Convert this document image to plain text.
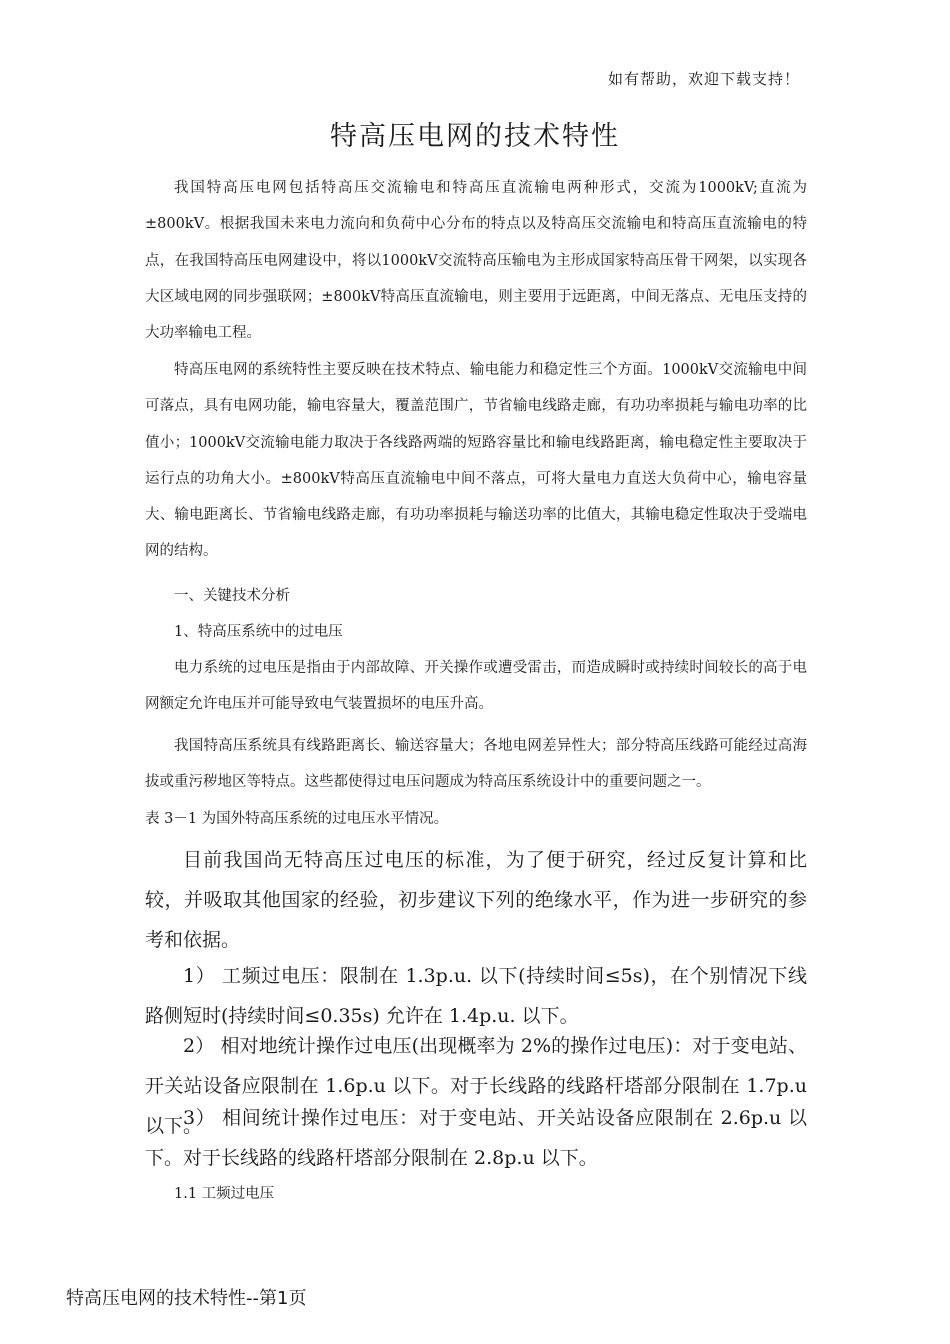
如有帮助，欢迎下载支持！
特高压电网的技术特性

我国特高压电网包括特高压交流输电和特高压直流输电两种形式，交流为1000kV;直流为±800kV。根据我国未来电力流向和负荷中心分布的特点以及特高压交流输电和特高压直流输电的特点，在我国特高压电网建设中，将以1000kV交流特高压输电为主形成国家特高压骨干网架，以实现各大区域电网的同步强联网；±800kV特高压直流输电，则主要用于远距离，中间无落点、无电压支持的大功率输电工程。

特高压电网的系统特性主要反映在技术特点、输电能力和稳定性三个方面。1000kV交流输电中间可落点，具有电网功能，输电容量大，覆盖范围广，节省输电线路走廊，有功功率损耗与输电功率的比值小；1000kV交流输电能力取决于各线路两端的短路容量比和输电线路距离，输电稳定性主要取决于运行点的功角大小。±800kV特高压直流输电中间不落点，可将大量电力直送大负荷中心，输电容量大、输电距离长、节省输电线路走廊，有功功率损耗与输送功率的比值大，其输电稳定性取决于受端电网的结构。

一、关键技术分析

1、特高压系统中的过电压

电力系统的过电压是指由于内部故障、开关操作或遭受雷击，而造成瞬时或持续时间较长的高于电网额定允许电压并可能导致电气装置损坏的电压升高。

我国特高压系统具有线路距离长、输送容量大；各地电网差异性大；部分特高压线路可能经过高海拔或重污秽地区等特点。这些都使得过电压问题成为特高压系统设计中的重要问题之一。
表 3－1 为国外特高压系统的过电压水平情况。

目前我国尚无特高压过电压的标准，为了便于研究，经过反复计算和比较，并吸取其他国家的经验，初步建议下列的绝缘水平，作为进一步研究的参考和依据。

1） 工频过电压：限制在 1.3p.u. 以下(持续时间≤5s)，在个别情况下线路侧短时(持续时间≤0.35s) 允许在 1.4p.u. 以下。

2） 相对地统计操作过电压(出现概率为 2%的操作过电压)：对于变电站、开关站设备应限制在 1.6p.u 以下。对于长线路的线路杆塔部分限制在 1.7p.u 以下。

3） 相间统计操作过电压：对于变电站、开关站设备应限制在 2.6p.u 以下。对于长线路的线路杆塔部分限制在 2.8p.u 以下。

1.1 工频过电压

特高压电网的技术特性--第1页
